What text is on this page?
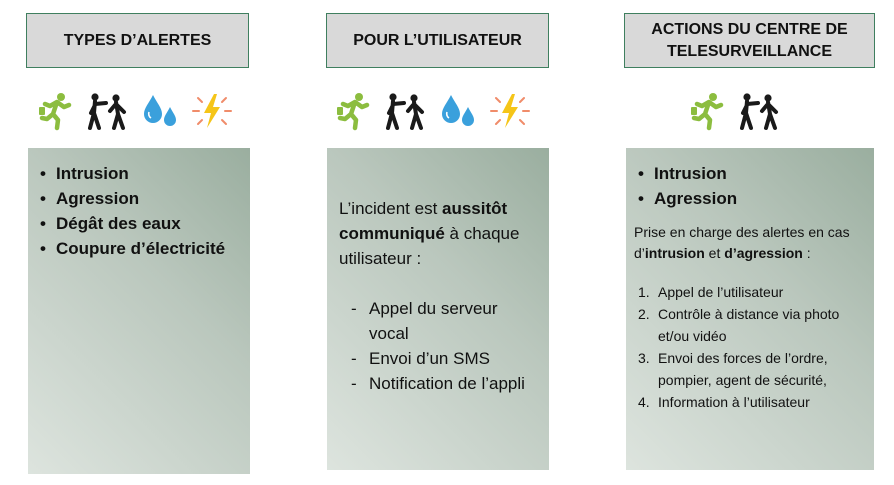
TYPES D’ALERTES
• Intrusion
• Agression
• Dégât des eaux
• Coupure d’électricité
POUR L’UTILISATEUR
L’incident est aussitôt communiqué à chaque utilisateur :
- Appel du serveur vocal
- Envoi d’un SMS
- Notification de l’appli
ACTIONS DU CENTRE DE
TELESURVEILLANCE
• Intrusion
• Agression
Prise en charge des alertes en cas d’intrusion et d’agression :
1. Appel de l’utilisateur
2. Contrôle à distance via photo et/ou vidéo
3. Envoi des forces de l’ordre, pompier, agent de sécurité,
4. Information à l’utilisateur
